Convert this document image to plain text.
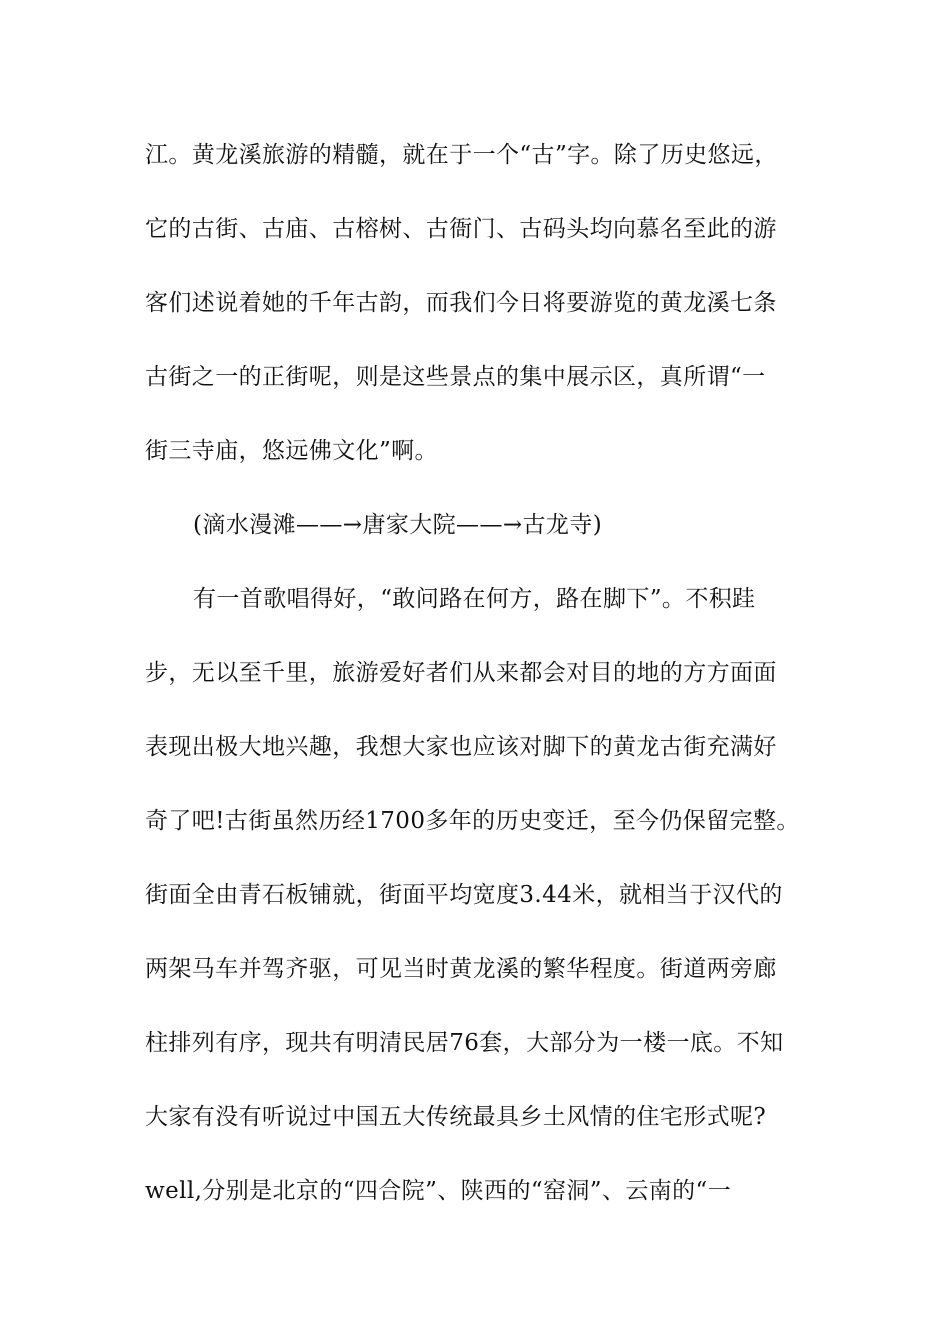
江。黄龙溪旅游的精髓，就在于一个“古”字。除了历史悠远，
它的古街、古庙、古榕树、古衙门、古码头均向慕名至此的游
客们述说着她的千年古韵，而我们今日将要游览的黄龙溪七条
古街之一的正街呢，则是这些景点的集中展示区，真所谓“一
街三寺庙，悠远佛文化”啊。
(滴水漫滩——→唐家大院——→古龙寺)
有一首歌唱得好，“敢问路在何方，路在脚下”。不积跬
步，无以至千里，旅游爱好者们从来都会对目的地的方方面面
表现出极大地兴趣，我想大家也应该对脚下的黄龙古街充满好
奇了吧!古街虽然历经1700多年的历史变迁，至今仍保留完整。
街面全由青石板铺就，街面平均宽度3.44米，就相当于汉代的
两架马车并驾齐驱，可见当时黄龙溪的繁华程度。街道两旁廊
柱排列有序，现共有明清民居76套，大部分为一楼一底。不知
大家有没有听说过中国五大传统最具乡土风情的住宅形式呢?
well,分别是北京的“四合院”、陕西的“窑洞”、云南的“一
